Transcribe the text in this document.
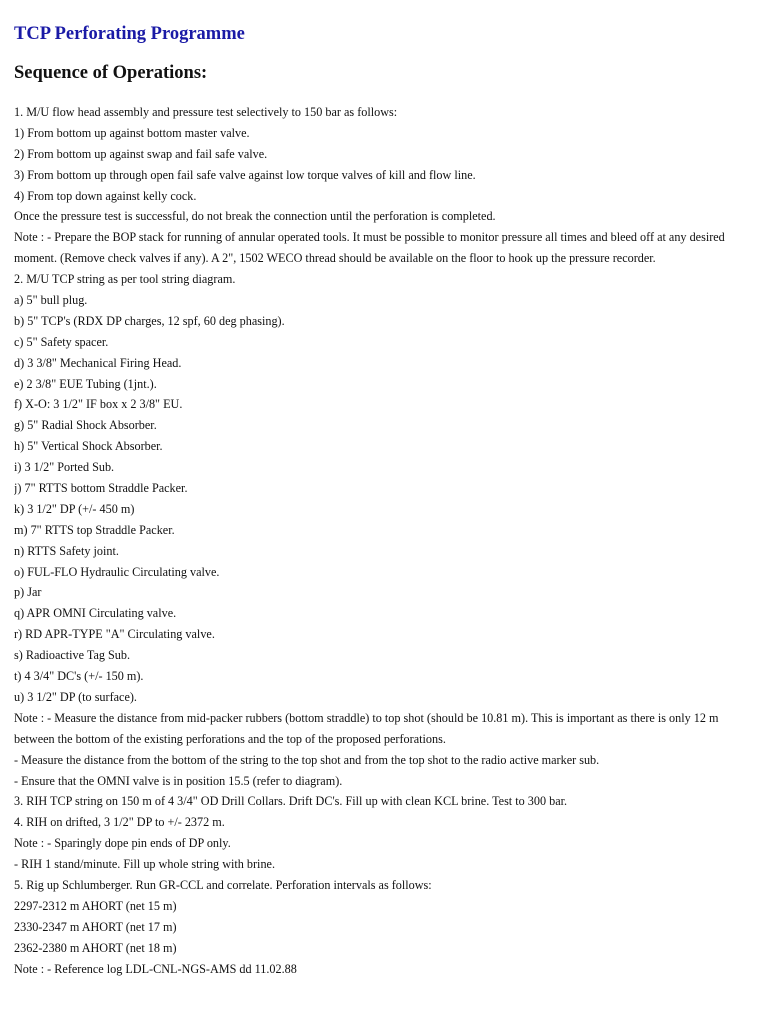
TCP Perforating Programme
Sequence of Operations:
1. M/U flow head assembly and pressure test selectively to 150 bar as follows:
1) From bottom up against bottom master valve.
2) From bottom up against swap and fail safe valve.
3) From bottom up through open fail safe valve against low torque valves of kill and flow line.
4) From top down against kelly cock.
Once the pressure test is successful, do not break the connection until the perforation is completed.
Note : - Prepare the BOP stack for running of annular operated tools. It must be possible to monitor pressure all times and bleed off at any desired
moment. (Remove check valves if any). A 2", 1502 WECO thread should be available on the floor to hook up the pressure recorder.
2. M/U TCP string as per tool string diagram.
a) 5" bull plug.
b) 5" TCP's (RDX DP charges, 12 spf, 60 deg phasing).
c) 5" Safety spacer.
d) 3 3/8" Mechanical Firing Head.
e) 2 3/8" EUE Tubing (1jnt.).
f) X-O: 3 1/2" IF box x 2 3/8" EU.
g) 5" Radial Shock Absorber.
h) 5" Vertical Shock Absorber.
i) 3 1/2" Ported Sub.
j) 7" RTTS bottom Straddle Packer.
k) 3 1/2" DP (+/- 450 m)
m) 7" RTTS top Straddle Packer.
n) RTTS Safety joint.
o) FUL-FLO Hydraulic Circulating valve.
p) Jar
q) APR OMNI Circulating valve.
r) RD APR-TYPE "A" Circulating valve.
s) Radioactive Tag Sub.
t) 4 3/4" DC's (+/- 150 m).
u) 3 1/2" DP (to surface).
Note : - Measure the distance from mid-packer rubbers (bottom straddle) to top shot (should be 10.81 m). This is important as there is only 12 m
between the bottom of the existing perforations and the top of the proposed perforations.
- Measure the distance from the bottom of the string to the top shot and from the top shot to the radio active marker sub.
- Ensure that the OMNI valve is in position 15.5 (refer to diagram).
3. RIH TCP string on 150 m of 4 3/4" OD Drill Collars. Drift DC's. Fill up with clean KCL brine. Test to 300 bar.
4. RIH on drifted, 3 1/2" DP to +/- 2372 m.
Note : - Sparingly dope pin ends of DP only.
- RIH 1 stand/minute. Fill up whole string with brine.
5. Rig up Schlumberger. Run GR-CCL and correlate. Perforation intervals as follows:
2297-2312 m AHORT (net 15 m)
2330-2347 m AHORT (net 17 m)
2362-2380 m AHORT (net 18 m)
Note : - Reference log LDL-CNL-NGS-AMS dd 11.02.88
